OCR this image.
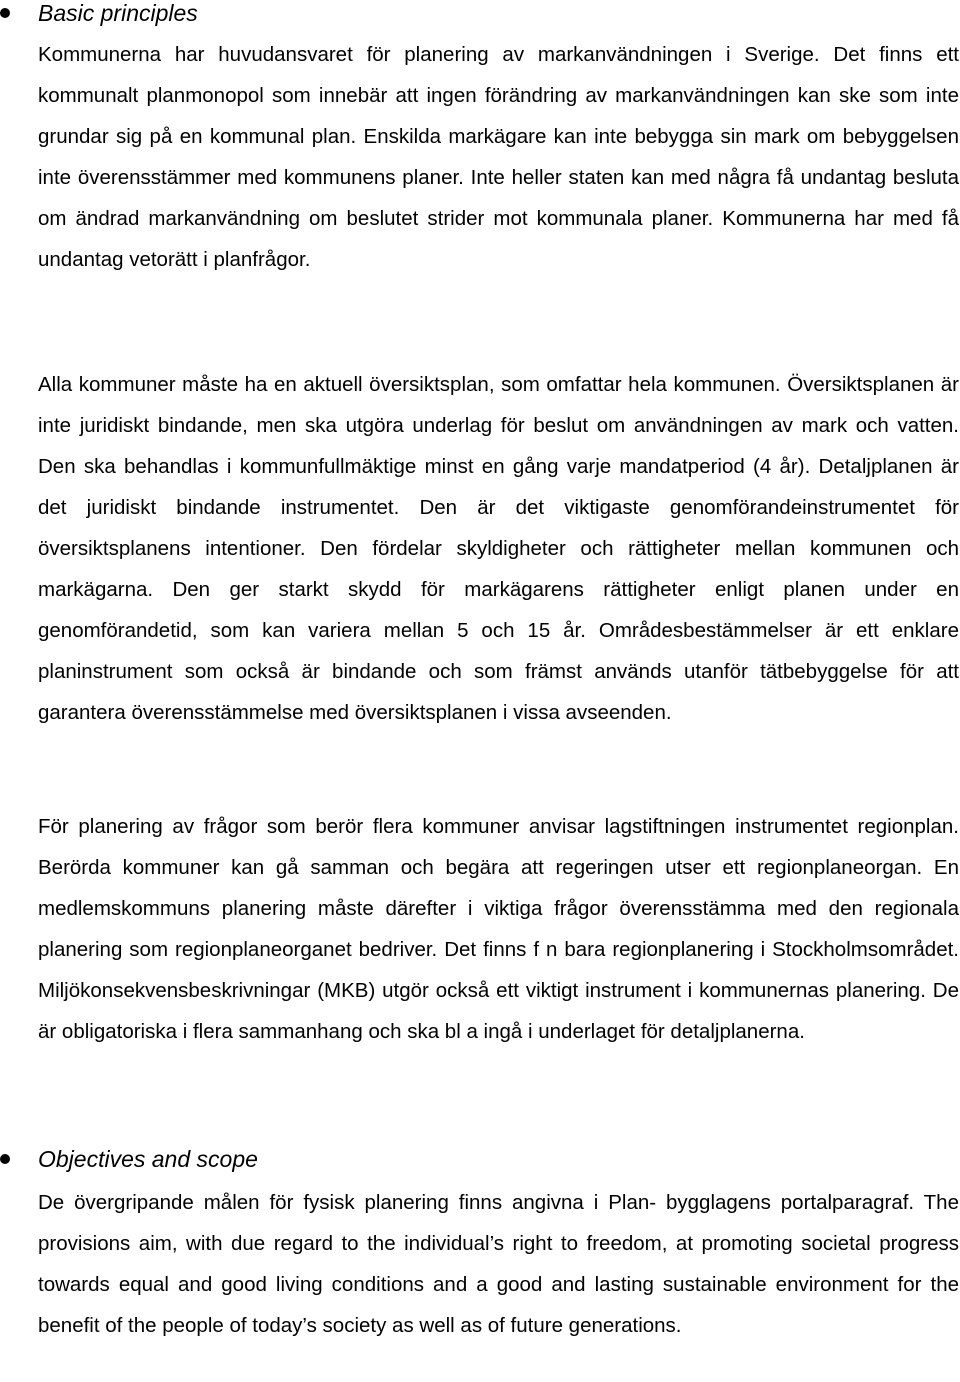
Basic principles

Kommunerna har huvudansvaret för planering av markanvändningen i Sverige. Det finns ett kommunalt planmonopol som innebär att ingen förändring av markanvändningen kan ske som inte grundar sig på en kommunal plan. Enskilda markägare kan inte bebygga sin mark om bebyggelsen inte överensstämmer med kommunens planer. Inte heller staten kan med några få undantag besluta om ändrad markanvändning om beslutet strider mot kommunala planer. Kommunerna har med få undantag vetorätt i planfrågor.

Alla kommuner måste ha en aktuell översiktsplan, som omfattar hela kommunen. Översiktsplanen är inte juridiskt bindande, men ska utgöra underlag för beslut om användningen av mark och vatten. Den ska behandlas i kommunfullmäktige minst en gång varje mandatperiod (4 år). Detaljplanen är det juridiskt bindande instrumentet. Den är det viktigaste genomförandeinstrumentet för översiktsplanens intentioner. Den fördelar skyldigheter och rättigheter mellan kommunen och markägarna. Den ger starkt skydd för markägarens rättigheter enligt planen under en genomförandetid, som kan variera mellan 5 och 15 år. Områdesbestämmelser är ett enklare planinstrument som också är bindande och som främst används utanför tätbebyggelse för att garantera överensstämmelse med översiktsplanen i vissa avseenden.

För planering av frågor som berör flera kommuner anvisar lagstiftningen instrumentet regionplan. Berörda kommuner kan gå samman och begära att regeringen utser ett regionplaneorgan. En medlemskommuns planering måste därefter i viktiga frågor överensstämma med den regionala planering som regionplaneorganet bedriver. Det finns f n bara regionplanering i Stockholmsområdet. Miljökonsekvensbeskrivningar (MKB) utgör också ett viktigt instrument i kommunernas planering. De är obligatoriska i flera sammanhang och ska bl a ingå i underlaget för detaljplanerna.

Objectives and scope

De övergripande målen för fysisk planering finns angivna i Plan- bygglagens portalparagraf. The provisions aim, with due regard to the individual’s right to freedom, at promoting societal progress towards equal and good living conditions and a good and lasting sustainable environment for the benefit of the people of today’s society as well as of future generations.
